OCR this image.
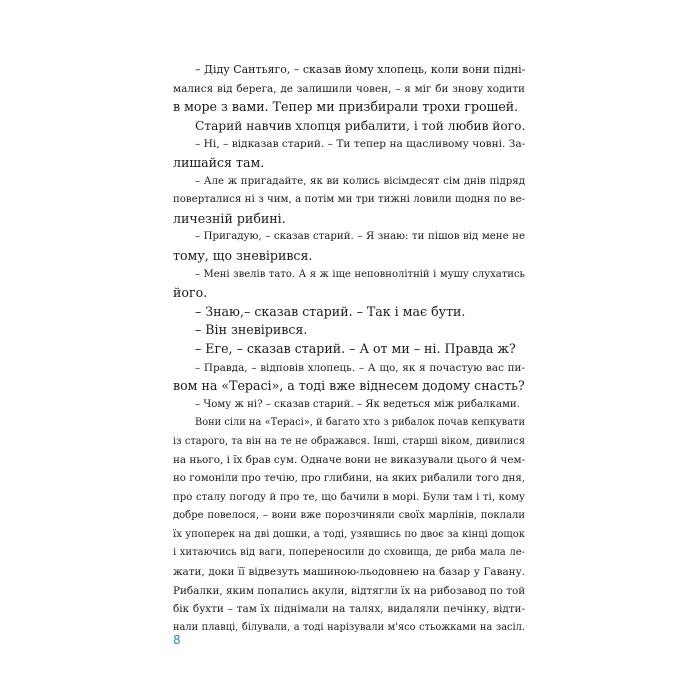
– Діду Сантьяго, – сказав йому хлопець, коли вони підні-
малися від берега, де залишили човен, – я міг би знову ходити
в море з вами. Тепер ми призбирали трохи грошей.
Старий навчив хлопця рибалити, і той любив його.
– Ні, – відказав старий. – Ти тепер на щасливому човні. За-
лишайся там.
– Але ж пригадайте, як ви колись вісімдесят сім днів підряд
поверталися ні з чим, а потім ми три тижні ловили щодня по ве-
личезній рибині.
– Пригадую, – сказав старий. – Я знаю: ти пішов від мене не
тому, що зневірився.
– Мені звелів тато. А я ж іще неповнолітній і мушу слухатись
його.
– Знаю,– сказав старий. – Так і має бути.
– Він зневірився.
– Еге, – сказав старий. – А от ми – ні. Правда ж?
– Правда, – відповів хлопець. – А що, як я почастую вас пи-
вом на «Терасі», а тоді вже віднесем додому снасть?
– Чому ж ні? – сказав старий. – Як ведеться між рибалками.
Вони сіли на «Терасі», й багато хто з рибалок почав кепкувати
із старого, та він на те не ображався. Інші, старші віком, дивилися
на нього, і їх брав сум. Одначе вони не виказували цього й чем-
но гомоніли про течію, про глибини, на яких рибалили того дня,
про сталу погоду й про те, що бачили в морі. Були там і ті, кому
добре повелося, – вони вже порозчиняли своїх марлінів, поклали
їх упоперек на дві дошки, а тоді, узявшись по двоє за кінці дощок
і хитаючись від ваги, попереносили до сховища, де риба мала ле-
жати, доки її відвезуть машиною-льодовнею на базар у Гавану.
Рибалки, яким попались акули, відтягли їх на рибозавод по той
бік бухти – там їх піднімали на талях, видаляли печінку, відти-
нали плавці, білували, а тоді нарізували м'ясо стьожками на засіл.
8
